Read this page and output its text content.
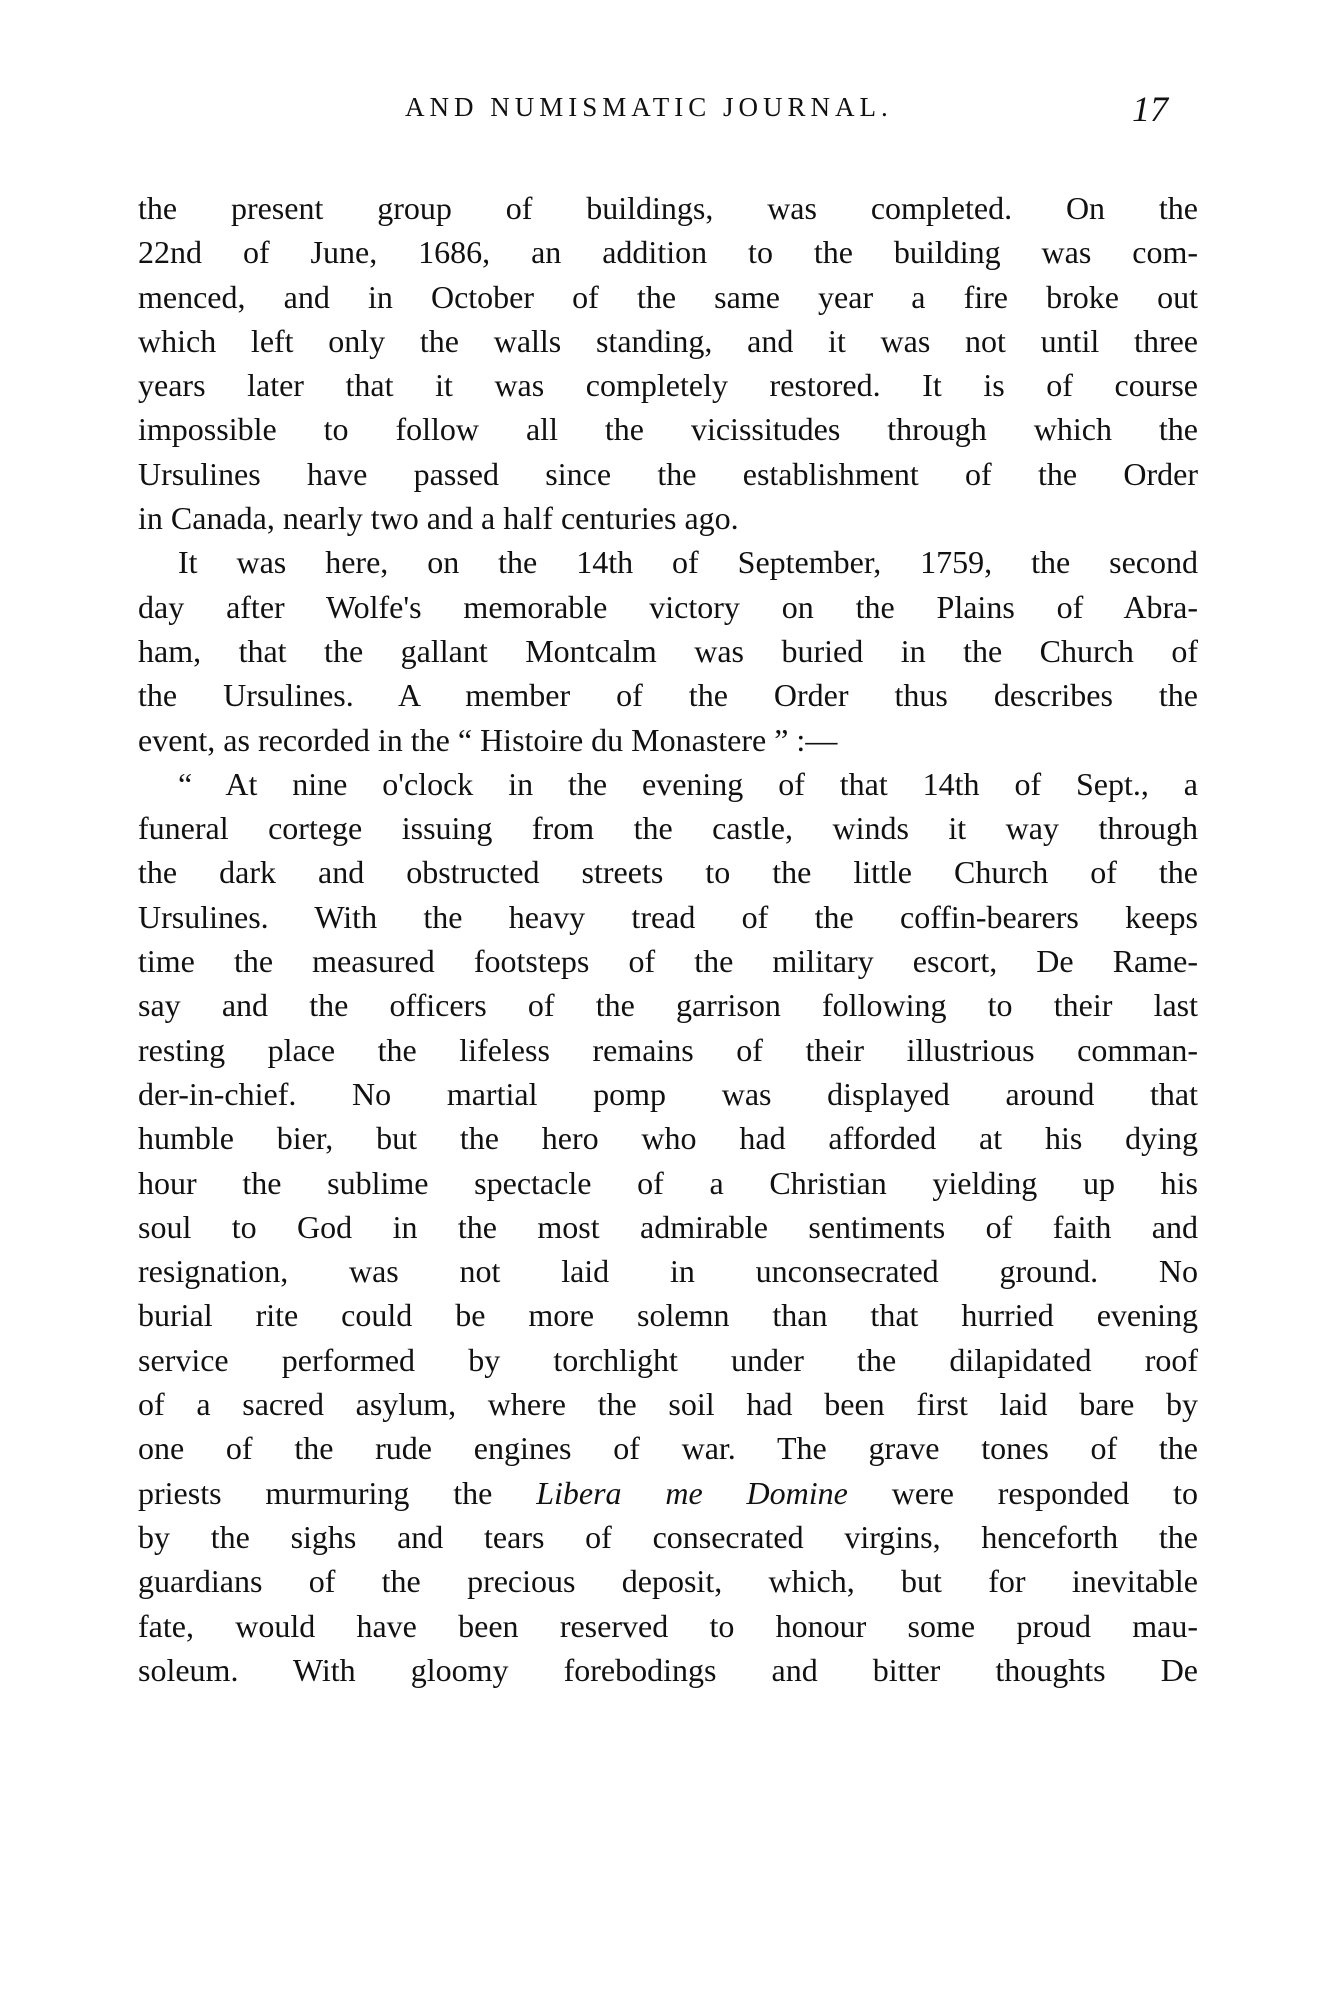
AND NUMISMATIC JOURNAL.	17
the present group of buildings, was completed. On the
22nd of June, 1686, an addition to the building was com-
menced, and in October of the same year a fire broke out
which left only the walls standing, and it was not until three
years later that it was completely restored. It is of course
impossible to follow all the vicissitudes through which the
Ursulines have passed since the establishment of the Order
in Canada, nearly two and a half centuries ago.
It was here, on the 14th of September, 1759, the second
day after Wolfe's memorable victory on the Plains of Abra-
ham, that the gallant Montcalm was buried in the Church of
the Ursulines. A member of the Order thus describes the
event, as recorded in the “ Histoire du Monastere ” :—
“ At nine o'clock in the evening of that 14th of Sept., a
funeral cortege issuing from the castle, winds it way through
the dark and obstructed streets to the little Church of the
Ursulines. With the heavy tread of the coffin-bearers keeps
time the measured footsteps of the military escort, De Rame-
say and the officers of the garrison following to their last
resting place the lifeless remains of their illustrious comman-
der-in-chief. No martial pomp was displayed around that
humble bier, but the hero who had afforded at his dying
hour the sublime spectacle of a Christian yielding up his
soul to God in the most admirable sentiments of faith and
resignation, was not laid in unconsecrated ground. No
burial rite could be more solemn than that hurried evening
service performed by torchlight under the dilapidated roof
of a sacred asylum, where the soil had been first laid bare by
one of the rude engines of war. The grave tones of the
priests murmuring the Libera me Domine were responded to
by the sighs and tears of consecrated virgins, henceforth the
guardians of the precious deposit, which, but for inevitable
fate, would have been reserved to honour some proud mau-
soleum. With gloomy forebodings and bitter thoughts De
